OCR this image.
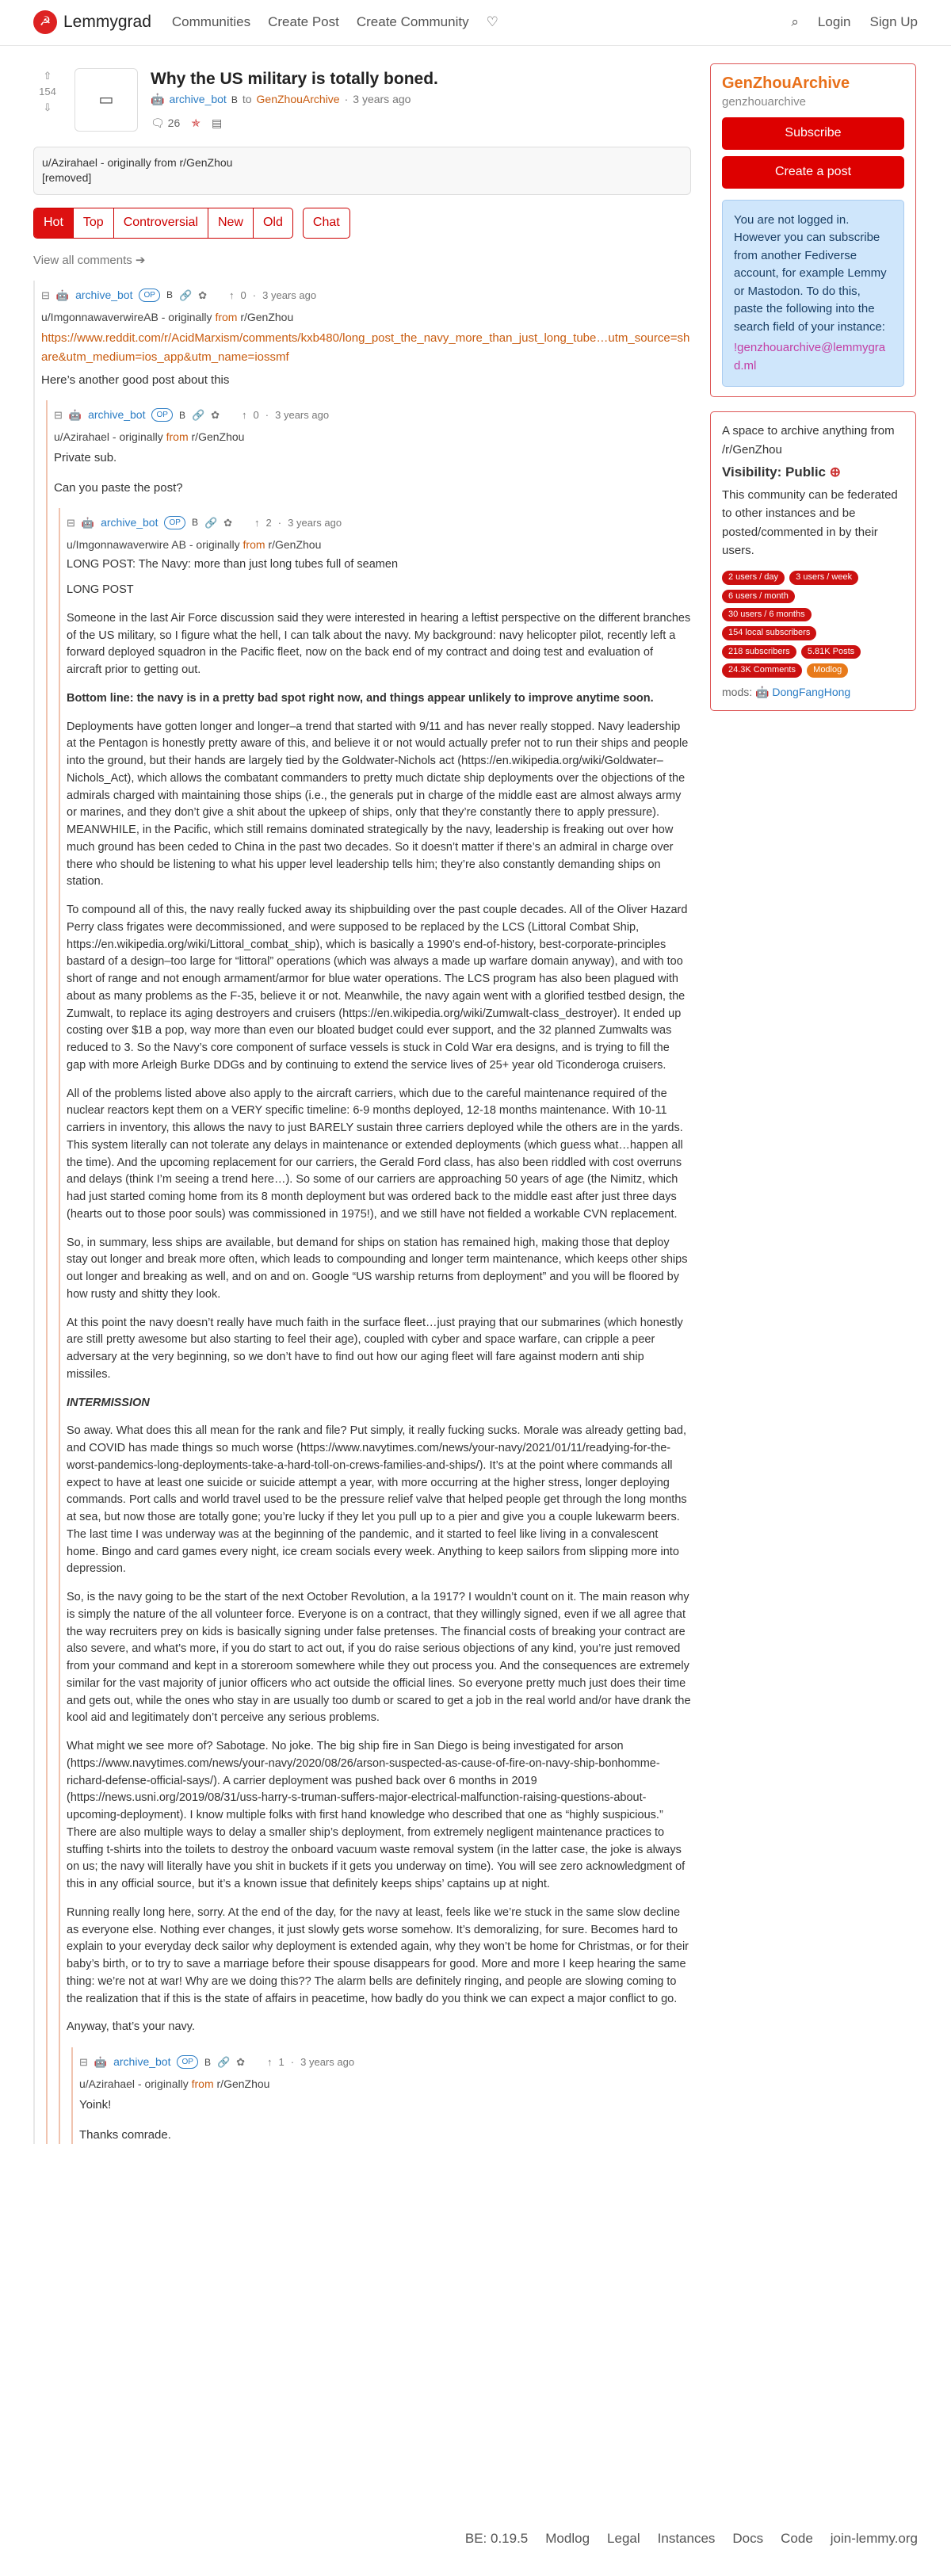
☭ Lemmygrad Communities Create Post Create Community ♡	⌕ Login Sign Up
⇧
154
⇩	▭
Why the US military is totally boned.
🤖 archive_bot B to GenZhouArchive · 3 years ago
🗨 26 ✯ ▤
u/Azirahael - originally from r/GenZhou
[removed]
Hot	Top	Controversial	New	Old	Chat
View all comments ➔
⊟ 🤖 archive_bot	OP	B 🔗 ✿ ↑ 0 · 3 years ago
u/ImgonnawaverwireAB - originally from r/GenZhou

https://www.reddit.com/r/AcidMarxism/comments/kxb480/long_post_the_navy_more_than_just_long_tube…utm_source=share&utm_medium=ios_app&utm_name=iossmf

Here’s another good post about this

⊟ 🤖 archive_bot	OP	B 🔗 ✿ ↑ 0 · 3 years ago
u/Azirahael - originally from r/GenZhou

Private sub.

Can you paste the post?

⊟ 🤖 archive_bot	OP	B 🔗 ✿ ↑ 2 · 3 years ago
u/Imgonnawaverwire AB - originally from r/GenZhou

LONG POST: The Navy: more than just long tubes full of seamen

LONG POST

Someone in the last Air Force discussion said they were interested in hearing a leftist perspective on the different branches of the US military, so I figure what the hell, I can talk about the navy. My background: navy helicopter pilot, recently left a forward deployed squadron in the Pacific fleet, now on the back end of my contract and doing test and evaluation of aircraft prior to getting out.

Bottom line: the navy is in a pretty bad spot right now, and things appear unlikely to improve anytime soon.

Deployments have gotten longer and longer–a trend that started with 9/11 and has never really stopped. Navy leadership at the Pentagon is honestly pretty aware of this, and believe it or not would actually prefer not to run their ships and people into the ground, but their hands are largely tied by the Goldwater-Nichols act (https://en.wikipedia.org/wiki/Goldwater–Nichols_Act), which allows the combatant commanders to pretty much dictate ship deployments over the objections of the admirals charged with maintaining those ships (i.e., the generals put in charge of the middle east are almost always army or marines, and they don’t give a shit about the upkeep of ships, only that they’re constantly there to apply pressure). MEANWHILE, in the Pacific, which still remains dominated strategically by the navy, leadership is freaking out over how much ground has been ceded to China in the past two decades. So it doesn’t matter if there’s an admiral in charge over there who should be listening to what his upper level leadership tells him; they’re also constantly demanding ships on station.

To compound all of this, the navy really fucked away its shipbuilding over the past couple decades. All of the Oliver Hazard Perry class frigates were decommissioned, and were supposed to be replaced by the LCS (Littoral Combat Ship, https://en.wikipedia.org/wiki/Littoral_combat_ship), which is basically a 1990’s end-of-history, best-corporate-principles bastard of a design–too large for “littoral” operations (which was always a made up warfare domain anyway), and with too short of range and not enough armament/armor for blue water operations. The LCS program has also been plagued with about as many problems as the F-35, believe it or not. Meanwhile, the navy again went with a glorified testbed design, the Zumwalt, to replace its aging destroyers and cruisers (https://en.wikipedia.org/wiki/Zumwalt-class_destroyer). It ended up costing over $1B a pop, way more than even our bloated budget could ever support, and the 32 planned Zumwalts was reduced to 3. So the Navy’s core component of surface vessels is stuck in Cold War era designs, and is trying to fill the gap with more Arleigh Burke DDGs and by continuing to extend the service lives of 25+ year old Ticonderoga cruisers.

All of the problems listed above also apply to the aircraft carriers, which due to the careful maintenance required of the nuclear reactors kept them on a VERY specific timeline: 6-9 months deployed, 12-18 months maintenance. With 10-11 carriers in inventory, this allows the navy to just BARELY sustain three carriers deployed while the others are in the yards. This system literally can not tolerate any delays in maintenance or extended deployments (which guess what…happen all the time). And the upcoming replacement for our carriers, the Gerald Ford class, has also been riddled with cost overruns and delays (think I’m seeing a trend here…). So some of our carriers are approaching 50 years of age (the Nimitz, which had just started coming home from its 8 month deployment but was ordered back to the middle east after just three days (hearts out to those poor souls) was commissioned in 1975!), and we still have not fielded a workable CVN replacement.

So, in summary, less ships are available, but demand for ships on station has remained high, making those that deploy stay out longer and break more often, which leads to compounding and longer term maintenance, which keeps other ships out longer and breaking as well, and on and on. Google “US warship returns from deployment” and you will be floored by how rusty and shitty they look.

At this point the navy doesn’t really have much faith in the surface fleet…just praying that our submarines (which honestly are still pretty awesome but also starting to feel their age), coupled with cyber and space warfare, can cripple a peer adversary at the very beginning, so we don’t have to find out how our aging fleet will fare against modern anti ship missiles.

INTERMISSION

So away. What does this all mean for the rank and file? Put simply, it really fucking sucks. Morale was already getting bad, and COVID has made things so much worse (https://www.navytimes.com/news/your-navy/2021/01/11/readying-for-the-worst-pandemics-long-deployments-take-a-hard-toll-on-crews-families-and-ships/). It’s at the point where commands all expect to have at least one suicide or suicide attempt a year, with more occurring at the higher stress, longer deploying commands. Port calls and world travel used to be the pressure relief valve that helped people get through the long months at sea, but now those are totally gone; you’re lucky if they let you pull up to a pier and give you a couple lukewarm beers. The last time I was underway was at the beginning of the pandemic, and it started to feel like living in a convalescent home. Bingo and card games every night, ice cream socials every week. Anything to keep sailors from slipping more into depression.

So, is the navy going to be the start of the next October Revolution, a la 1917? I wouldn’t count on it. The main reason why is simply the nature of the all volunteer force. Everyone is on a contract, that they willingly signed, even if we all agree that the way recruiters prey on kids is basically signing under false pretenses. The financial costs of breaking your contract are also severe, and what’s more, if you do start to act out, if you do raise serious objections of any kind, you’re just removed from your command and kept in a storeroom somewhere while they out process you. And the consequences are extremely similar for the vast majority of junior officers who act outside the official lines. So everyone pretty much just does their time and gets out, while the ones who stay in are usually too dumb or scared to get a job in the real world and/or have drank the kool aid and legitimately don’t perceive any serious problems.

What might we see more of? Sabotage. No joke. The big ship fire in San Diego is being investigated for arson (https://www.navytimes.com/news/your-navy/2020/08/26/arson-suspected-as-cause-of-fire-on-navy-ship-bonhomme-richard-defense-official-says/). A carrier deployment was pushed back over 6 months in 2019 (https://news.usni.org/2019/08/31/uss-harry-s-truman-suffers-major-electrical-malfunction-raising-questions-about-upcoming-deployment). I know multiple folks with first hand knowledge who described that one as “highly suspicious.” There are also multiple ways to delay a smaller ship’s deployment, from extremely negligent maintenance practices to stuffing t-shirts into the toilets to destroy the onboard vacuum waste removal system (in the latter case, the joke is always on us; the navy will literally have you shit in buckets if it gets you underway on time). You will see zero acknowledgment of this in any official source, but it’s a known issue that definitely keeps ships’ captains up at night.

Running really long here, sorry. At the end of the day, for the navy at least, feels like we’re stuck in the same slow decline as everyone else. Nothing ever changes, it just slowly gets worse somehow. It’s demoralizing, for sure. Becomes hard to explain to your everyday deck sailor why deployment is extended again, why they won’t be home for Christmas, or for their baby’s birth, or to try to save a marriage before their spouse disappears for good. More and more I keep hearing the same thing: we’re not at war! Why are we doing this?? The alarm bells are definitely ringing, and people are slowing coming to the realization that if this is the state of affairs in peacetime, how badly do you think we can expect a major conflict to go.

Anyway, that’s your navy.

⊟ 🤖 archive_bot	OP	B 🔗 ✿ ↑ 1 · 3 years ago
u/Azirahael - originally from r/GenZhou

Yoink!

Thanks comrade.

GenZhouArchive
genzhouarchive
Subscribe
Create a post
You are not logged in. However you can subscribe from another Fediverse account, for example Lemmy or Mastodon. To do this, paste the following into the search field of your instance:
!genzhouarchive@lemmygrad.ml
A space to archive anything from /r/GenZhou
Visibility: Public ⊕
This community can be federated to other instances and be posted/commented in by their users.
2 users / day 3 users / week
6 users / month
30 users / 6 months
154 local subscribers
218 subscribers 5.81K Posts
24.3K Comments Modlog
mods: 🤖 DongFangHong
BE: 0.19.5 Modlog Legal Instances Docs Code join-lemmy.org
